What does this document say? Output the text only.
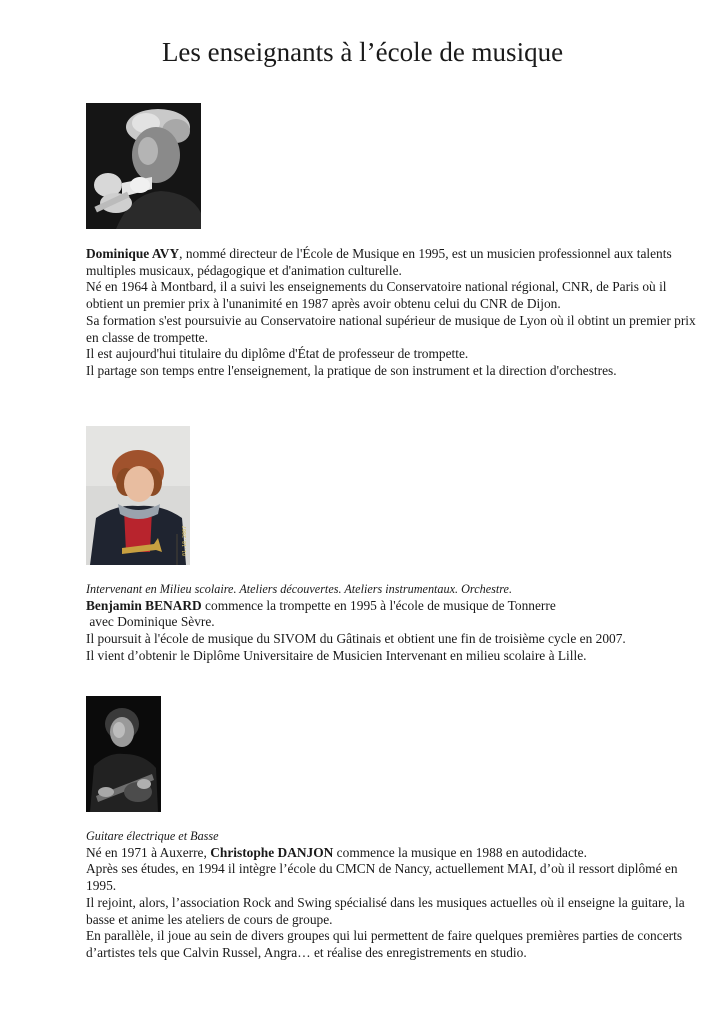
Les enseignants à l’école de musique

Dominique AVY, nommé directeur de l'École de Musique en 1995, est un musicien professionnel aux talents multiples musicaux, pédagogique et d'animation culturelle.

Né en 1964 à Montbard, il a suivi les enseignements du Conservatoire national régional, CNR, de Paris où il obtient un premier prix à l'unanimité en 1987 après avoir obtenu celui du CNR de Dijon.

Sa formation s'est poursuivie au Conservatoire national supérieur de musique de Lyon où il obtint un premier prix en classe de trompette.

Il est aujourd'hui titulaire du diplôme d'État de professeur de trompette.

Il partage son temps entre l'enseignement, la pratique de son instrument et la direction d'orchestres.

01.10.2007

Intervenant en Milieu scolaire. Ateliers découvertes. Ateliers instrumentaux. Orchestre.

Benjamin BENARD commence la trompette en 1995 à l'école de musique de Tonnerre

avec Dominique Sèvre.

Il poursuit à l'école de musique du SIVOM du Gâtinais et obtient une fin de troisième cycle en 2007.

Il vient d’obtenir le Diplôme Universitaire de Musicien Intervenant en milieu scolaire à Lille.

Guitare électrique et Basse

Né en 1971 à Auxerre, Christophe DANJON commence la musique en 1988 en autodidacte.

Après ses études, en 1994 il intègre l’école du CMCN de Nancy, actuellement MAI, d’où il ressort diplômé en 1995.

Il rejoint, alors, l’association Rock and Swing spécialisé dans les musiques actuelles où il enseigne la guitare, la basse et anime les ateliers de cours de groupe.

En parallèle, il joue au sein de divers groupes qui lui permettent de faire quelques premières parties de concerts d’artistes tels que Calvin Russel, Angra… et réalise des enregistrements en studio.
